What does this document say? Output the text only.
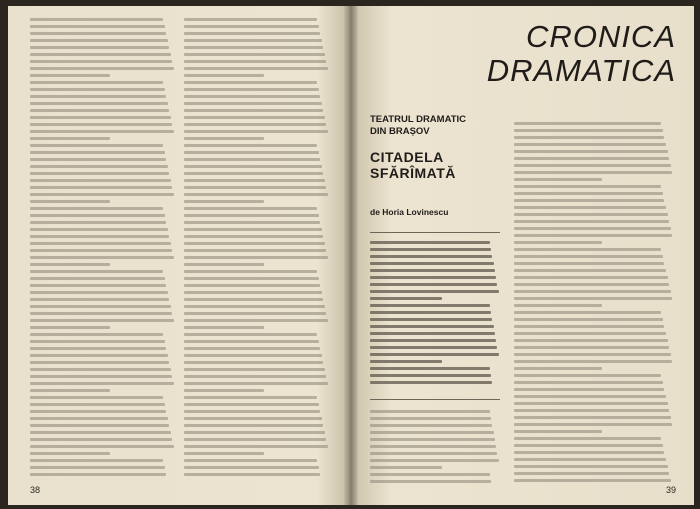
38
CRONICA
DRAMATICA
TEATRUL DRAMATIC
DIN BRAȘOV
CITADELA
SFĂRÎMATĂ
de Horia Lovinescu
39
